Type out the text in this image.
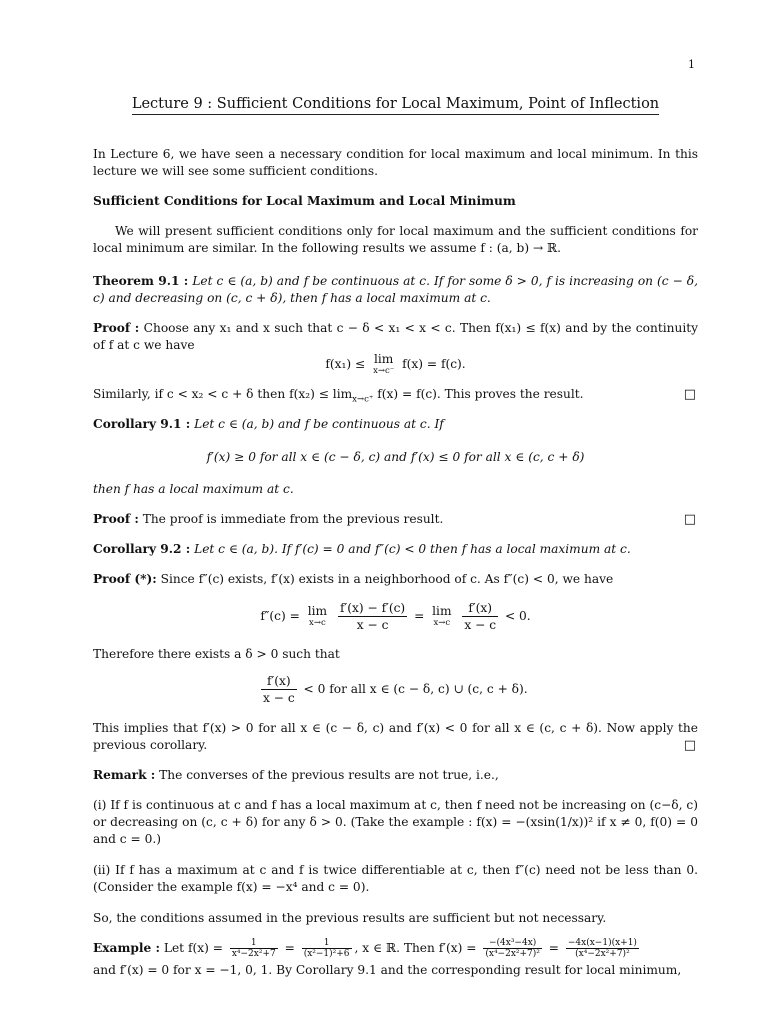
1
Lecture 9 : Sufficient Conditions for Local Maximum, Point of Inflection
In Lecture 6, we have seen a necessary condition for local maximum and local minimum. In this lecture we will see some sufficient conditions.
Sufficient Conditions for Local Maximum and Local Minimum
We will present sufficient conditions only for local maximum and the sufficient conditions for local minimum are similar. In the following results we assume f : (a, b) → ℝ.
Theorem 9.1 : Let c ∈ (a, b) and f be continuous at c. If for some δ > 0, f is increasing on (c − δ, c) and decreasing on (c, c + δ), then f has a local maximum at c.
Proof : Choose any x₁ and x such that c − δ < x₁ < x < c. Then f(x₁) ≤ f(x) and by the continuity of f at c we have
f(x₁) ≤ lim
x→c⁻ f(x) = f(c).
Similarly, if c < x₂ < c + δ then $f(x_2) \le \lim_{x\to c^+} f(x) = f(c)$. This proves the result.	□
Corollary 9.1 : Let c ∈ (a, b) and f be continuous at c. If
f′(x) ≥ 0 for all x ∈ (c − δ, c) and f′(x) ≤ 0 for all x ∈ (c, c + δ)
then f has a local maximum at c.
Proof : The proof is immediate from the previous result.	□
Corollary 9.2 : Let c ∈ (a, b). If f′(c) = 0 and f″(c) < 0 then f has a local maximum at c.
Proof (*): Since f″(c) exists, f′(x) exists in a neighborhood of c. As f″(c) < 0, we have
f″(c) = lim
x→c
$\frac{f'(x) - f'(c)}{x - c} = \lim$
x→c
$\frac{f'(x)}{x - c} < 0$.
Therefore there exists a δ > 0 such that
$\frac{f'(x)}{x - c} < 0$ for all x ∈ (c − δ, c) ∪ (c, c + δ).
This implies that f′(x) > 0 for all x ∈ (c − δ, c) and f′(x) < 0 for all x ∈ (c, c + δ). Now apply the previous corollary.	□
Remark : The converses of the previous results are not true, i.e.,
(i) If f is continuous at c and f has a local maximum at c, then f need not be increasing on (c−δ, c) or decreasing on (c, c + δ) for any δ > 0. (Take the example : f(x) = −(xsin(1/x))² if x ≠ 0, f(0) = 0 and c = 0.)
(ii) If f has a maximum at c and f is twice differentiable at c, then f″(c) need not be less than 0. (Consider the example f(x) = −x⁴ and c = 0).
So, the conditions assumed in the previous results are sufficient but not necessary.
Example : Let $f(x) = \frac{1}{\text{x⁴−2x²+7}} = \frac{1}{\text{(x²−1)²+6}}$ , x ∈ ℝ. Then $f'(x) = \frac{\text{−(4x³−4x)}}{\text{(x⁴−2x²+7)²}} = \frac{-4x(x-1)(x+1)}{\text{(x⁴−2x²+7)²}}$
and f′(x) = 0 for x = −1, 0, 1. By Corollary 9.1 and the corresponding result for local minimum,
